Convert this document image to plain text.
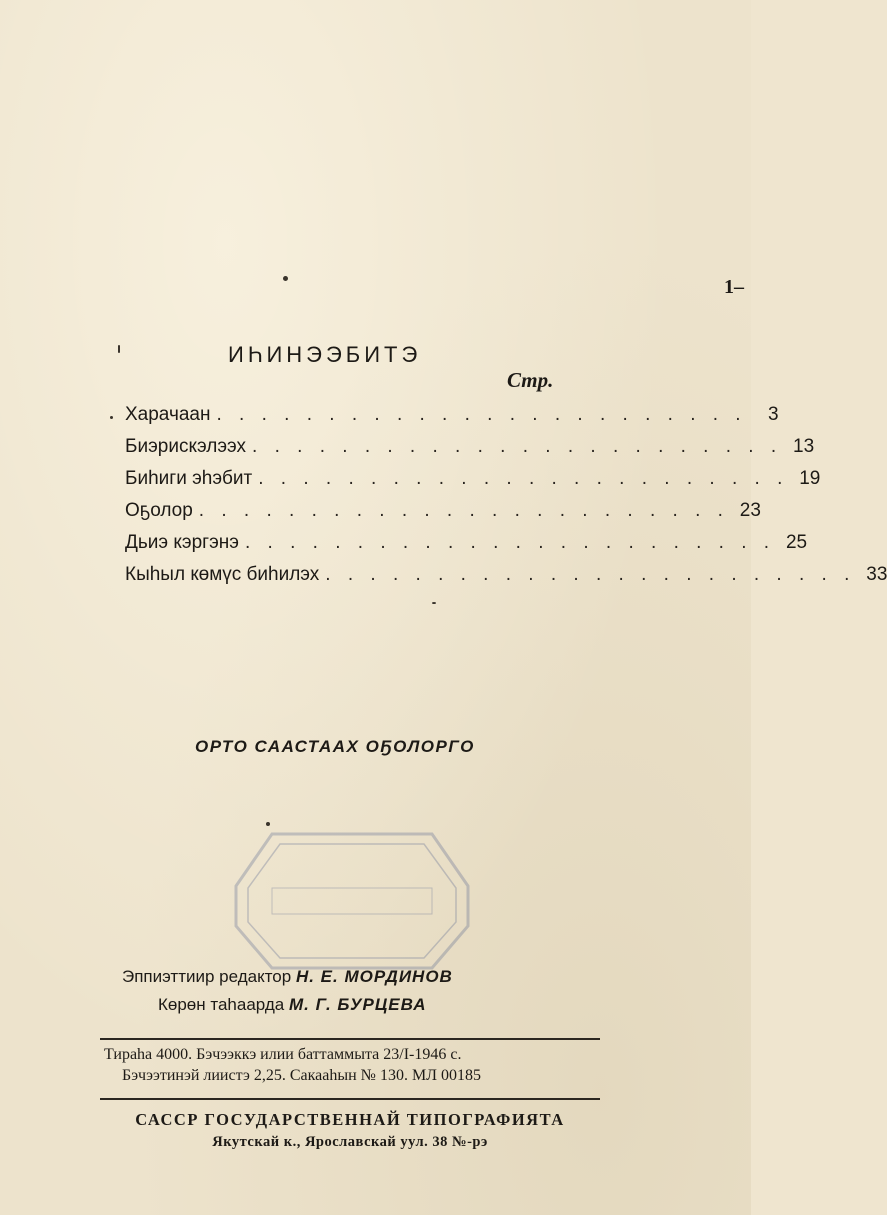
ИҺИНЭЭБИТЭ
Стр.
Харачаан . . . . . . . . . . . . . . . . . . . . . . . .	3
Биэрискэлээх . . . . . . . . . . . . . . . . . . . . . . . . 13
Биһиги эһэбит . . . . . . . . . . . . . . . . . . . . . . . . 19
Оҕолор . . . . . . . . . . . . . . . . . . . . . . . . 23
Дьиэ кэргэнэ . . . . . . . . . . . . . . . . . . . . . . . . 25
Кыһыл көмүс биһилэх . . . . . . . . . . . . . . . . . . . . . . . . 33
ОРТО СААСТААХ ОҔОЛОРГО
Эппиэттиир редактор Н. Е. МОРДИНОВ
Көрөн таһаарда М. Г. БУРЦЕВА
Тираһа 4000. Бэчээккэ илии баттаммыта 23/I-1946 с.
Бэчээтинэй лиистэ 2,25. Сакааһын № 130. МЛ 00185
САССР ГОСУДАРСТВЕННАЙ ТИПОГРАФИЯТА
Якутскай к., Ярославскай уул. 38 №-рэ
1–
